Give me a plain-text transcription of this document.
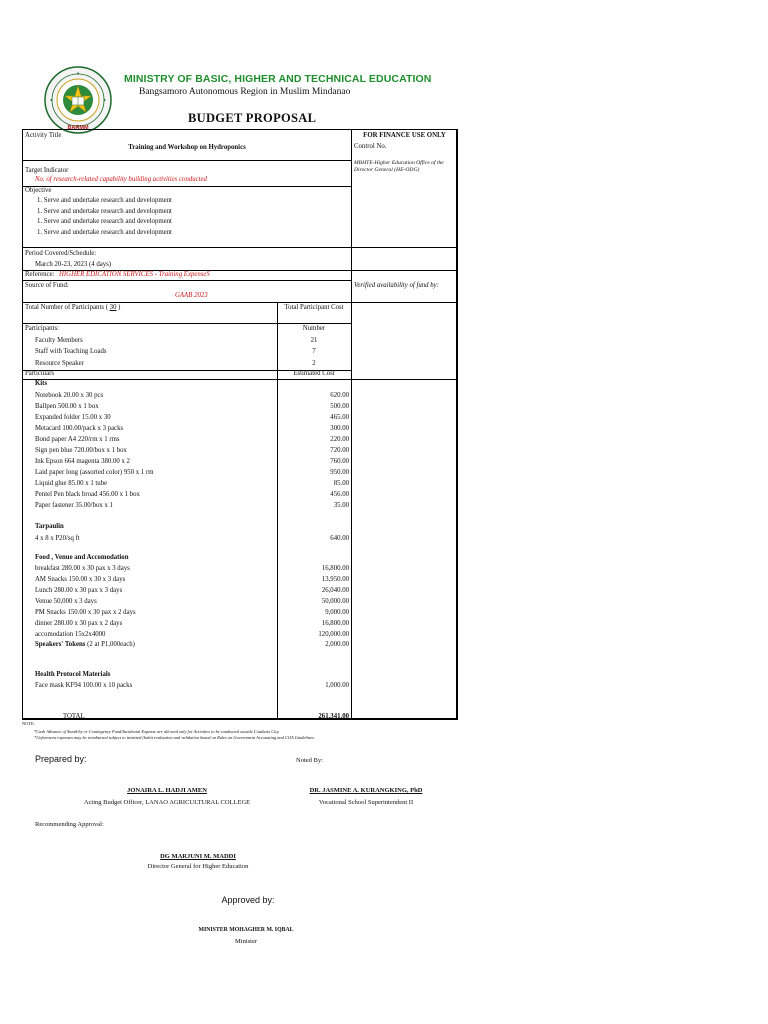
BARMM
MINISTRY OF BASIC, HIGHER AND TECHNICAL EDUCATION
Bangsamoro Autonomous Region in Muslim Mindanao
BUDGET PROPOSAL
Activity Title
Training and Workshop on Hydroponics
FOR FINANCE USE ONLY
Control No.
MBHTE-Higher Education Office of the
Director General (HE-ODG)
Target Indicator
No. of research-related capability building activities conducted
Objective
1. Serve and undertake research and development
1. Serve and undertake research and development
1. Serve and undertake research and development
1. Serve and undertake research and development
Period Covered/Schedule:
March 20-23, 2023 (4 days)
Reference: HIGHER EDICATION SERVICES - Training ExpenseS
Source of Fund:	Verified availability of fund by:
GAAB 2023
Total Number of Participants ( 30 )	Total Participant Cost
Participants:	Number
Faculty Members	21
Staff with Teaching Loads	7
Resource Speaker	2
Particulars	Estimated Cost
Kits
Notebook 20.00 x 30 pcs	620.00
Ballpen 500.00 x 1 box	500.00
Expanded folder 15.00 x 30	465.00
Metacard 100.00/pack x 3 packs	300.00
Bond paper A4 220/rm x 1 rms	220.00
Sign pen blue 720.00/box x 1 box	720.00
Ink Epson 664 magenta 380.00 x 2	760.00
Laid paper long (assorted color) 950 x 1 rm	950.00
Liquid glue 85.00 x 1 tube	85.00
Pentel Pen black broad 456.00 x 1 box	456.00
Paper fastener 35.00/box x 1	35.00
Tarpaulin
4 x 8 x P20/sq ft	640.00
Food , Venue and Accomodation
breakfast 280.00 x 30 pax x 3 days	16,800.00
AM Snacks 150.00 x 30 x 3 days	13,950.00
Lunch 280.00 x 30 pax x 3 days	26,040.00
Venue 50,000 x 3 days	50,000.00
PM Snacks 150.00 x 30 pax x 2 days	9,000.00
dinner 280.00 x 30 pax x 2 days	16,800.00
accomodation 15x2x4000	120,000.00
Speakers' Tokens (2 at P1,000each)	2,000.00
Health Protocol Materials
Face mask KF94 100.00 x 10 packs	1,000.00
TOTAL	261,341.00
NOTE:
*Cash Advance of Stand-by or Contingency Fund/Incidental Expense are allowed only for Activities to be conducted outside Cotabato City.
*Unforeseen expenses may be reimbursed subject to itemized (bahit evaluation and validation based on Rules on Government Accounting and COA Guidelines.
Prepared by:	Noted By:
JONAIRA L. HADJI AMEN
Acting Budget Officer, LANAO AGRICULTURAL COLLEGE
DR. JASMINE A. KURANGKING, PhD
Vocational School Superintendent II
Recommending Approval:
DG MARJUNI M. MADDI
Director General for Higher Education
Approved by:
MINISTER MOHAGHER M. IQBAL
Minister
